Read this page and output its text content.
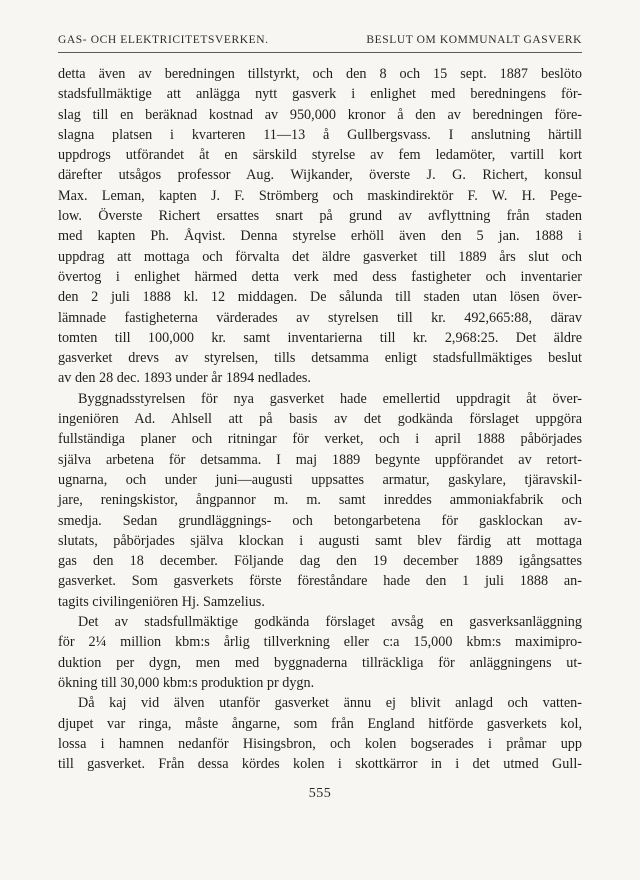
GAS- OCH ELEKTRICITETSVERKEN.	BESLUT OM KOMMUNALT GASVERK
detta även av beredningen tillstyrkt, och den 8 och 15 sept. 1887 beslöto
stadsfullmäktige att anlägga nytt gasverk i enlighet med beredningens för-
slag till en beräknad kostnad av 950,000 kronor å den av beredningen före-
slagna platsen i kvarteren 11—13 å Gullbergsvass. I anslutning härtill
uppdrogs utförandet åt en särskild styrelse av fem ledamöter, vartill kort
därefter utsågos professor Aug. Wijkander, överste J. G. Richert, konsul
Max. Leman, kapten J. F. Strömberg och maskindirektör F. W. H. Pege-
low. Överste Richert ersattes snart på grund av avflyttning från staden
med kapten Ph. Åqvist. Denna styrelse erhöll även den 5 jan. 1888 i
uppdrag att mottaga och förvalta det äldre gasverket till 1889 års slut och
övertog i enlighet härmed detta verk med dess fastigheter och inventarier
den 2 juli 1888 kl. 12 middagen. De sålunda till staden utan lösen över-
lämnade fastigheterna värderades av styrelsen till kr. 492,665:88, därav
tomten till 100,000 kr. samt inventarierna till kr. 2,968:25. Det äldre
gasverket drevs av styrelsen, tills detsamma enligt stadsfullmäktiges beslut
av den 28 dec. 1893 under år 1894 nedlades.
Byggnadsstyrelsen för nya gasverket hade emellertid uppdragit åt över-
ingeniören Ad. Ahlsell att på basis av det godkända förslaget uppgöra
fullständiga planer och ritningar för verket, och i april 1888 påbörjades
själva arbetena för detsamma. I maj 1889 begynte uppförandet av retort-
ugnarna, och under juni—augusti uppsattes armatur, gaskylare, tjäravskil-
jare, reningskistor, ångpannor m. m. samt inreddes ammoniakfabrik och
smedja. Sedan grundläggnings- och betongarbetena för gasklockan av-
slutats, påbörjades själva klockan i augusti samt blev färdig att mottaga
gas den 18 december. Följande dag den 19 december 1889 igångsattes
gasverket. Som gasverkets förste föreståndare hade den 1 juli 1888 an-
tagits civilingeniören Hj. Samzelius.
Det av stadsfullmäktige godkända förslaget avsåg en gasverksanläggning
för 2¼ million kbm:s årlig tillverkning eller c:a 15,000 kbm:s maximipro-
duktion per dygn, men med byggnaderna tillräckliga för anläggningens ut-
ökning till 30,000 kbm:s produktion pr dygn.
Då kaj vid älven utanför gasverket ännu ej blivit anlagd och vatten-
djupet var ringa, måste ångarne, som från England hitförde gasverkets kol,
lossa i hamnen nedanför Hisingsbron, och kolen bogserades i pråmar upp
till gasverket. Från dessa kördes kolen i skottkärror in i det utmed Gull-
555
